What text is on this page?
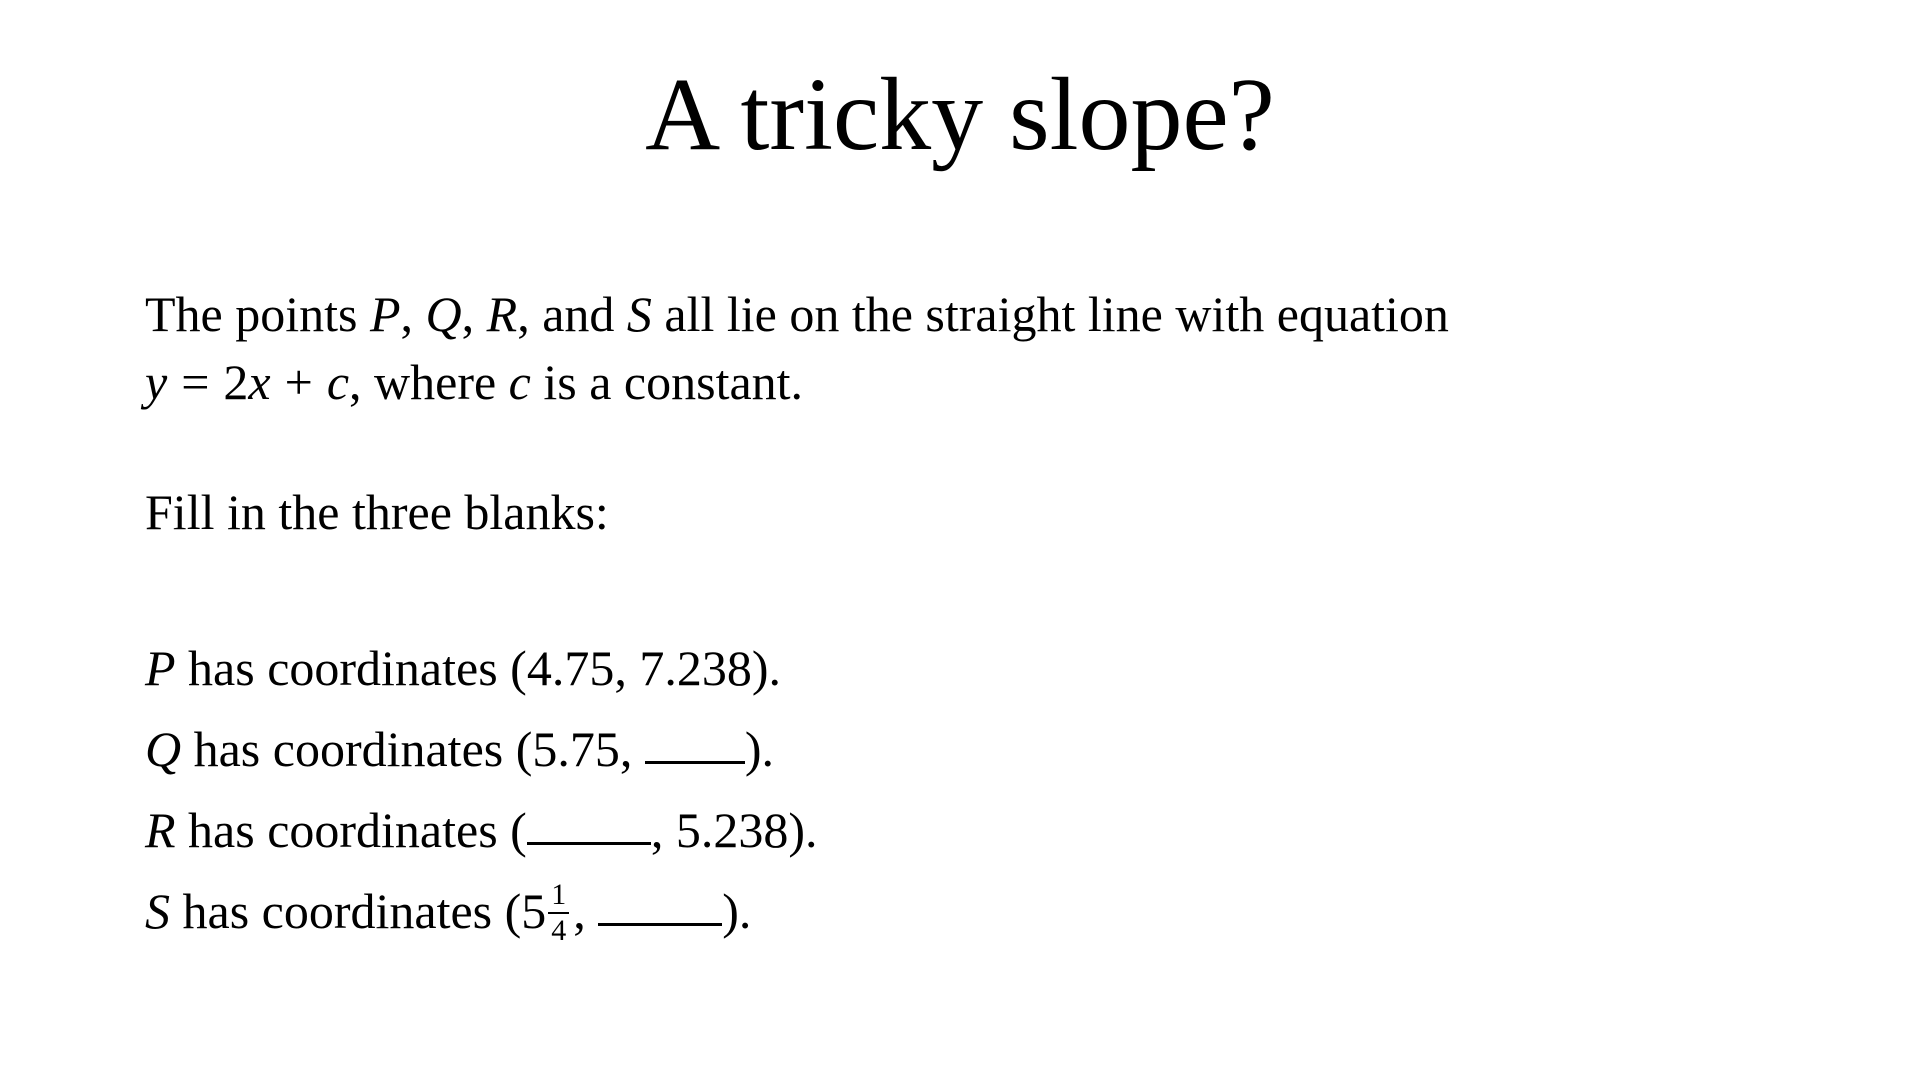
A tricky slope?
The points P, Q, R, and S all lie on the straight line with equation
y = 2x + c, where c is a constant.
Fill in the three blanks:
P has coordinates (4.75, 7.238).
Q has coordinates (5.75, ).
R has coordinates ( , 5.238).
S has coordinates ($5 \frac{1}{4}$ , ).
